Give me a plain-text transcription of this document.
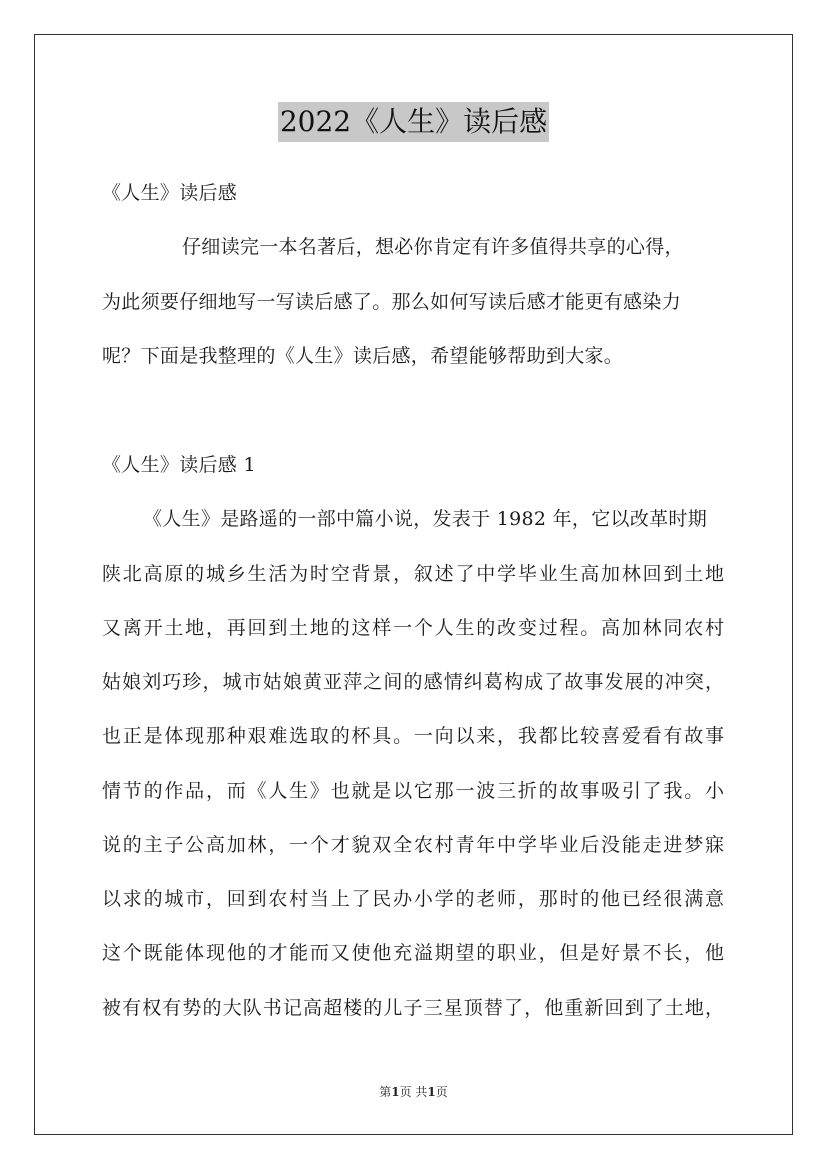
2022《人生》读后感
《人生》读后感
仔细读完一本名著后，想必你肯定有许多值得共享的心得，
为此须要仔细地写一写读后感了。那么如何写读后感才能更有感染力
呢？下面是我整理的《人生》读后感，希望能够帮助到大家。
《人生》读后感 1
《人生》是路遥的一部中篇小说，发表于 1982 年，它以改革时期
陕北高原的城乡生活为时空背景，叙述了中学毕业生高加林回到土地
又离开土地，再回到土地的这样一个人生的改变过程。高加林同农村
姑娘刘巧珍，城市姑娘黄亚萍之间的感情纠葛构成了故事发展的冲突，
也正是体现那种艰难选取的杯具。一向以来，我都比较喜爱看有故事
情节的作品，而《人生》也就是以它那一波三折的故事吸引了我。小
说的主子公高加林，一个才貌双全农村青年中学毕业后没能走进梦寐
以求的城市，回到农村当上了民办小学的老师，那时的他已经很满意
这个既能体现他的才能而又使他充溢期望的职业，但是好景不长，他
被有权有势的大队书记高超楼的儿子三星顶替了，他重新回到了土地，
第1页 共1页
